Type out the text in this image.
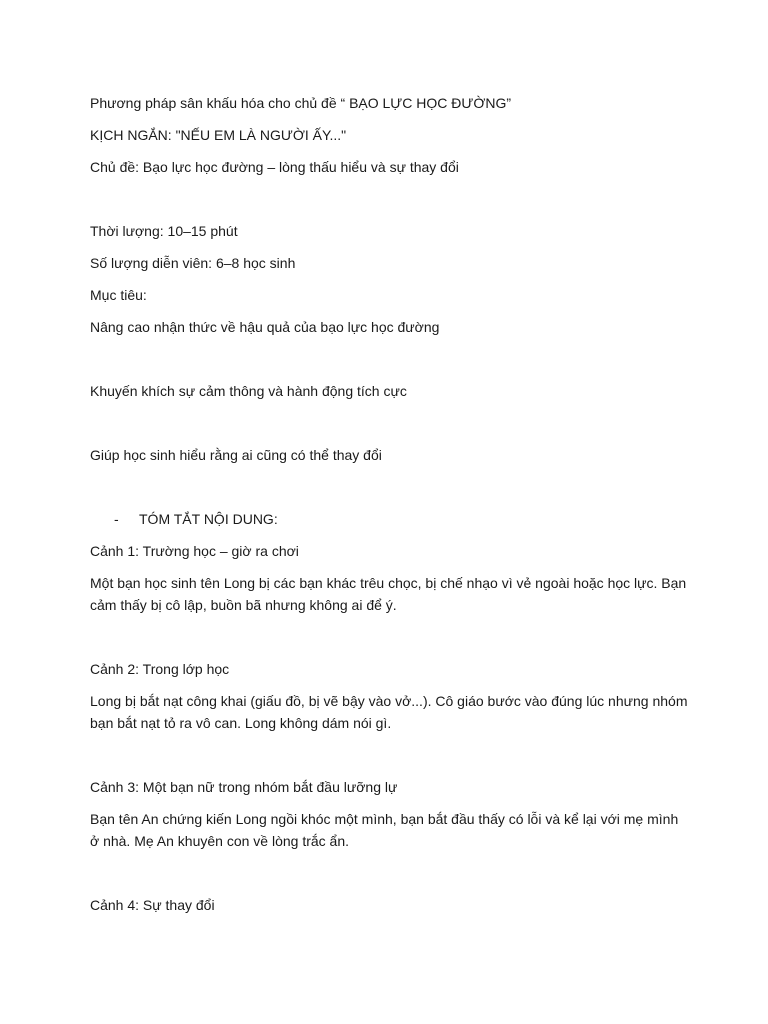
Phương pháp sân khấu hóa cho chủ đề “ BẠO LỰC HỌC ĐƯỜNG”
KỊCH NGẮN: "NẾU EM LÀ NGƯỜI ẤY..."
Chủ đề: Bạo lực học đường – lòng thấu hiểu và sự thay đổi
Thời lượng: 10–15 phút
Số lượng diễn viên: 6–8 học sinh
Mục tiêu:
Nâng cao nhận thức về hậu quả của bạo lực học đường
Khuyến khích sự cảm thông và hành động tích cực
Giúp học sinh hiểu rằng ai cũng có thể thay đổi
- TÓM TẮT NỘI DUNG:
Cảnh 1: Trường học – giờ ra chơi
Một bạn học sinh tên Long bị các bạn khác trêu chọc, bị chế nhạo vì vẻ ngoài hoặc học lực. Bạn cảm thấy bị cô lập, buồn bã nhưng không ai để ý.
Cảnh 2: Trong lớp học
Long bị bắt nạt công khai (giấu đồ, bị vẽ bậy vào vở...). Cô giáo bước vào đúng lúc nhưng nhóm bạn bắt nạt tỏ ra vô can. Long không dám nói gì.
Cảnh 3: Một bạn nữ trong nhóm bắt đầu lưỡng lự
Bạn tên An chứng kiến Long ngồi khóc một mình, bạn bắt đầu thấy có lỗi và kể lại với mẹ mình ở nhà. Mẹ An khuyên con về lòng trắc ẩn.
Cảnh 4: Sự thay đổi
